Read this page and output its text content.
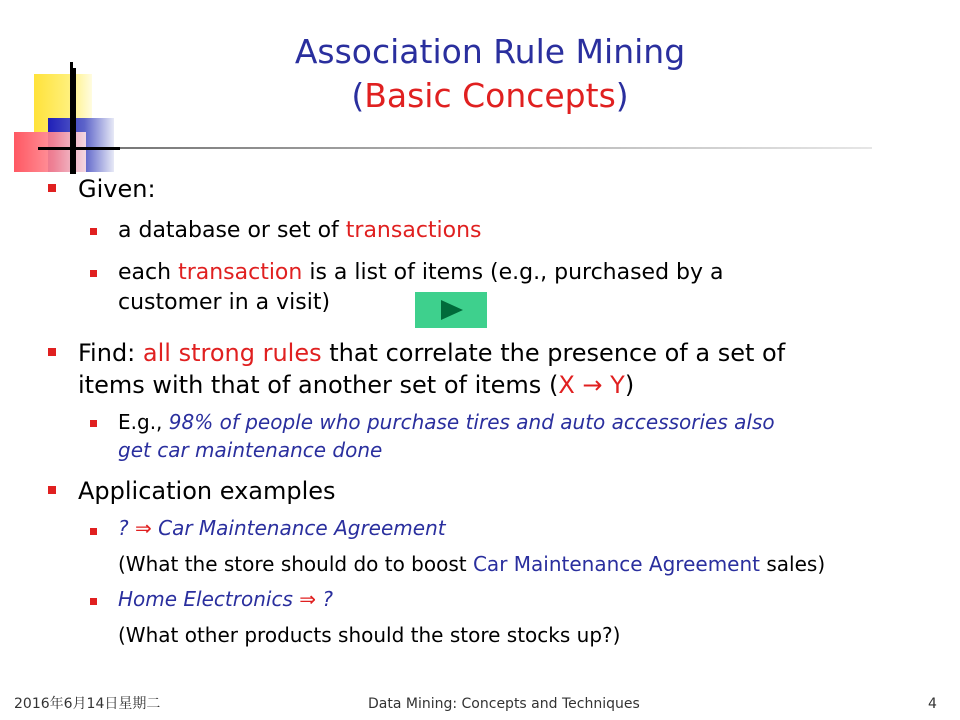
Association Rule Mining
(Basic Concepts)
Given:
a database or set of transactions
each transaction is a list of items (e.g., purchased by a
customer in a visit)
Find: all strong rules that correlate the presence of a set of
items with that of another set of items (X → Y)
E.g., 98% of people who purchase tires and auto accessories also
get car maintenance done
Application examples
? ⇒ Car Maintenance Agreement
(What the store should do to boost Car Maintenance Agreement sales)
Home Electronics ⇒ ?
(What other products should the store stocks up?)
2016年6月14日星期二	Data Mining: Concepts and Techniques	4
